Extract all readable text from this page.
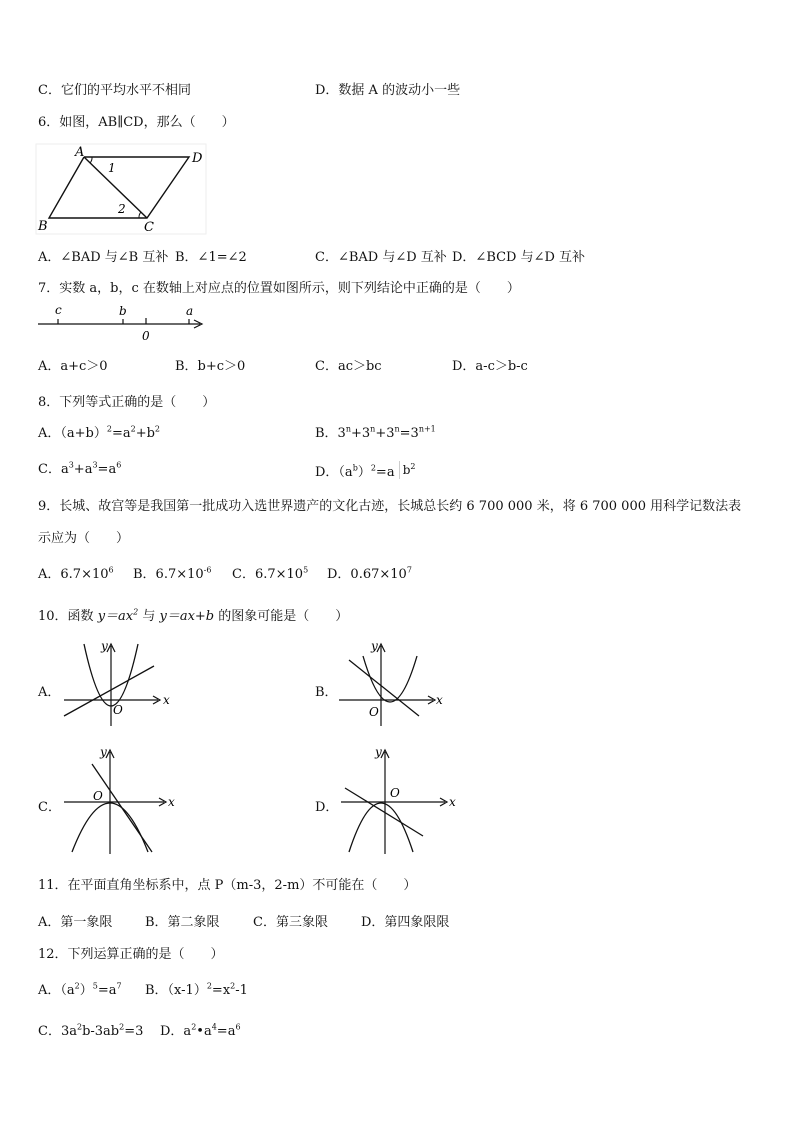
C．它们的平均水平不相同	D．数据 A 的波动小一些
6．如图，AB∥CD，那么（　　）
A	D
B	C
1
2
A．∠BAD 与∠B 互补 B．∠1=∠2	C．∠BAD 与∠D 互补 D．∠BCD 与∠D 互补
7．实数 a，b，c 在数轴上对应点的位置如图所示，则下列结论中正确的是（　　）
c	b
0
a
A．a+c＞0	B．b+c＞0	C．ac＞bc	D．a-c＞b-c
8．下列等式正确的是（　　）
A．$(a+b)^2=a^2+b^2$	B．$3^n+3^n+3^n=3^{n+1}$
C．$a^3+a^3=a^6$	D．$(a^b)^2=a$ $b^2$
9．长城、故宫等是我国第一批成功入选世界遗产的文化古迹，长城总长约 6 700 000 米，将 6 700 000 用科学记数法表
示应为（　　）
A．$6.7\times 10^6$ B．$6.7\times 10^{-6}$ C．$6.7\times 10^5$ D．$0.67\times 10^7$
10．函数 $y=ax^2$ 与 y＝ax+b 的图象可能是（　　）
A．	x
y
O
B．	x
y
O
C．	x
y
O
D．	x
y
O
11．在平面直角坐标系中，点 P（m-3，2-m）不可能在（　　）
A．第一象限	B．第二象限	C．第三象限	D．第四象限限
12．下列运算正确的是（　　）
A．$(a^2)^5=a^7$ B．$(x-1)^2=x^2-1$
C．$3a^2b-3ab^2=3$ D．$a^2•a^4=a^6$
